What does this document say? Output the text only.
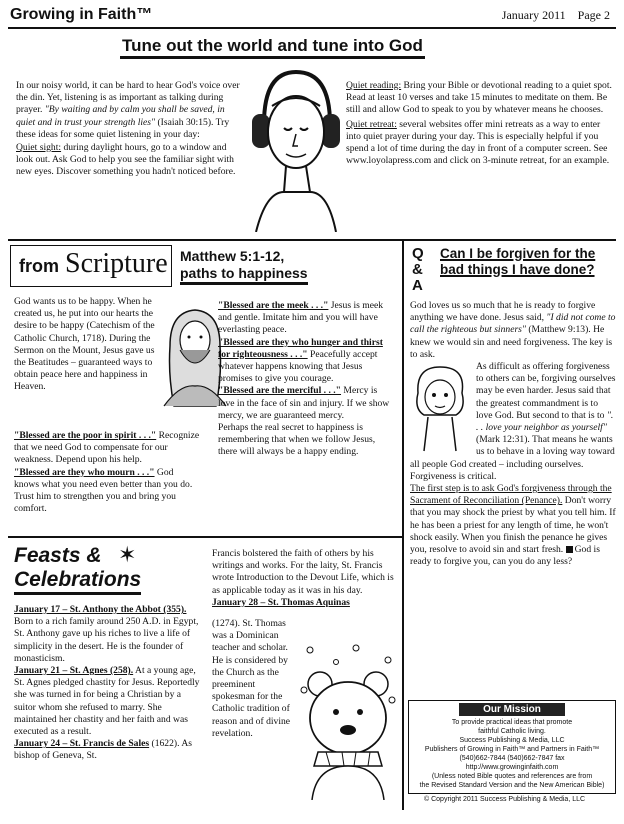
Growing in Faith™	January 2011    Page 2
Tune out the world and tune into God

In our noisy world, it can be hard to hear God's voice over the din. Yet, listening is as important as talking during prayer. "By waiting and by calm you shall be saved, in quiet and in trust your strength lies" (Isaiah 30:15). Try these ideas for some quiet listening in your day:

Quiet sight: during daylight hours, go to a window and look out. Ask God to help you see the familiar sight with new eyes. Discover something you hadn't noticed before.

Quiet reading: Bring your Bible or devotional reading to a quiet spot. Read at least 10 verses and take 15 minutes to meditate on them. Be still and allow God to speak to you by whatever means he chooses.

Quiet retreat: several websites offer mini retreats as a way to enter into quiet prayer during your day. This is especially helpful if you spend a lot of time during the day in front of a computer screen. See www.loyolapress.com and click on 3-minute retreat, for an example.

from Scripture Matthew 5:1-12,
paths to happiness

God wants us to be happy. When he created us, he put into our hearts the desire to be happy (Catechism of the Catholic Church, 1718). During the Sermon on the Mount, Jesus gave us the Beatitudes – guaranteed ways to obtain peace here and happiness in Heaven.

"Blessed are the poor in spirit . . ." Recognize that we need God to compensate for our weakness. Depend upon his help.

"Blessed are they who mourn . . ." God knows what you need even better than you do. Trust him to strengthen you and bring you comfort.

"Blessed are the meek . . ." Jesus is meek and gentle. Imitate him and you will have everlasting peace.

"Blessed are they who hunger and thirst for righteousness . . ." Peacefully accept whatever happens knowing that Jesus promises to give you courage.

"Blessed are the merciful . . ." Mercy is love in the face of sin and injury. If we show mercy, we are guaranteed mercy.

Perhaps the real secret to happiness is remembering that when we follow Jesus, there will always be a happy ending.

Q
&
A
Can I be forgiven for the bad things I have done?

God loves us so much that he is ready to forgive anything we have done. Jesus said, "I did not come to call the righteous but sinners" (Matthew 9:13). He knew we would sin and need forgiveness. The key is to ask.

As difficult as offering forgiveness to others can be, forgiving ourselves may be even harder. Jesus said that the greatest commandment is to love God. But second to that is to ". . . love your neighbor as yourself" (Mark 12:31). That means he wants us to behave in a loving way toward all people God created – including ourselves. Forgiveness is critical.

The first step is to ask God's forgiveness through the Sacrament of Reconciliation (Penance). Don't worry that you may shock the priest by what you tell him. If he has been a priest for any length of time, he won't shock easily. When you finish the penance he gives you, resolve to avoid sin and start fresh. God is ready to forgive you, can you do any less?

Our Mission
To provide practical ideas that promote
faithful Catholic living.
Success Publishing & Media, LLC
Publishers of Growing in Faith™ and Partners in Faith™
(540)662-7844 (540)662-7847 fax
http://www.growinginfaith.com
(Unless noted Bible quotes and references are from
the Revised Standard Version and the New American Bible)
© Copyright 2011 Success Publishing & Media, LLC
Feasts &
Celebrations
✶

January 17 – St. Anthony the Abbot (355). Born to a rich family around 250 A.D. in Egypt, St. Anthony gave up his riches to live a life of simplicity in the desert. He is the founder of monasticism.

January 21 – St. Agnes (258). At a young age, St. Agnes pledged chastity for Jesus. Reportedly she was turned in for being a Christian by a suitor whom she refused to marry. She maintained her chastity and her faith and was executed as a result.

January 24 – St. Francis de Sales (1622). As bishop of Geneva, St.

Francis bolstered the faith of others by his writings and works. For the laity, St. Francis wrote Introduction to the Devout Life, which is as applicable today as it was in his day.

January 28 – St. Thomas Aquinas

(1274). St. Thomas was a Dominican teacher and scholar. He is considered by the Church as the preeminent spokesman for the Catholic tradition of reason and of divine revelation.
